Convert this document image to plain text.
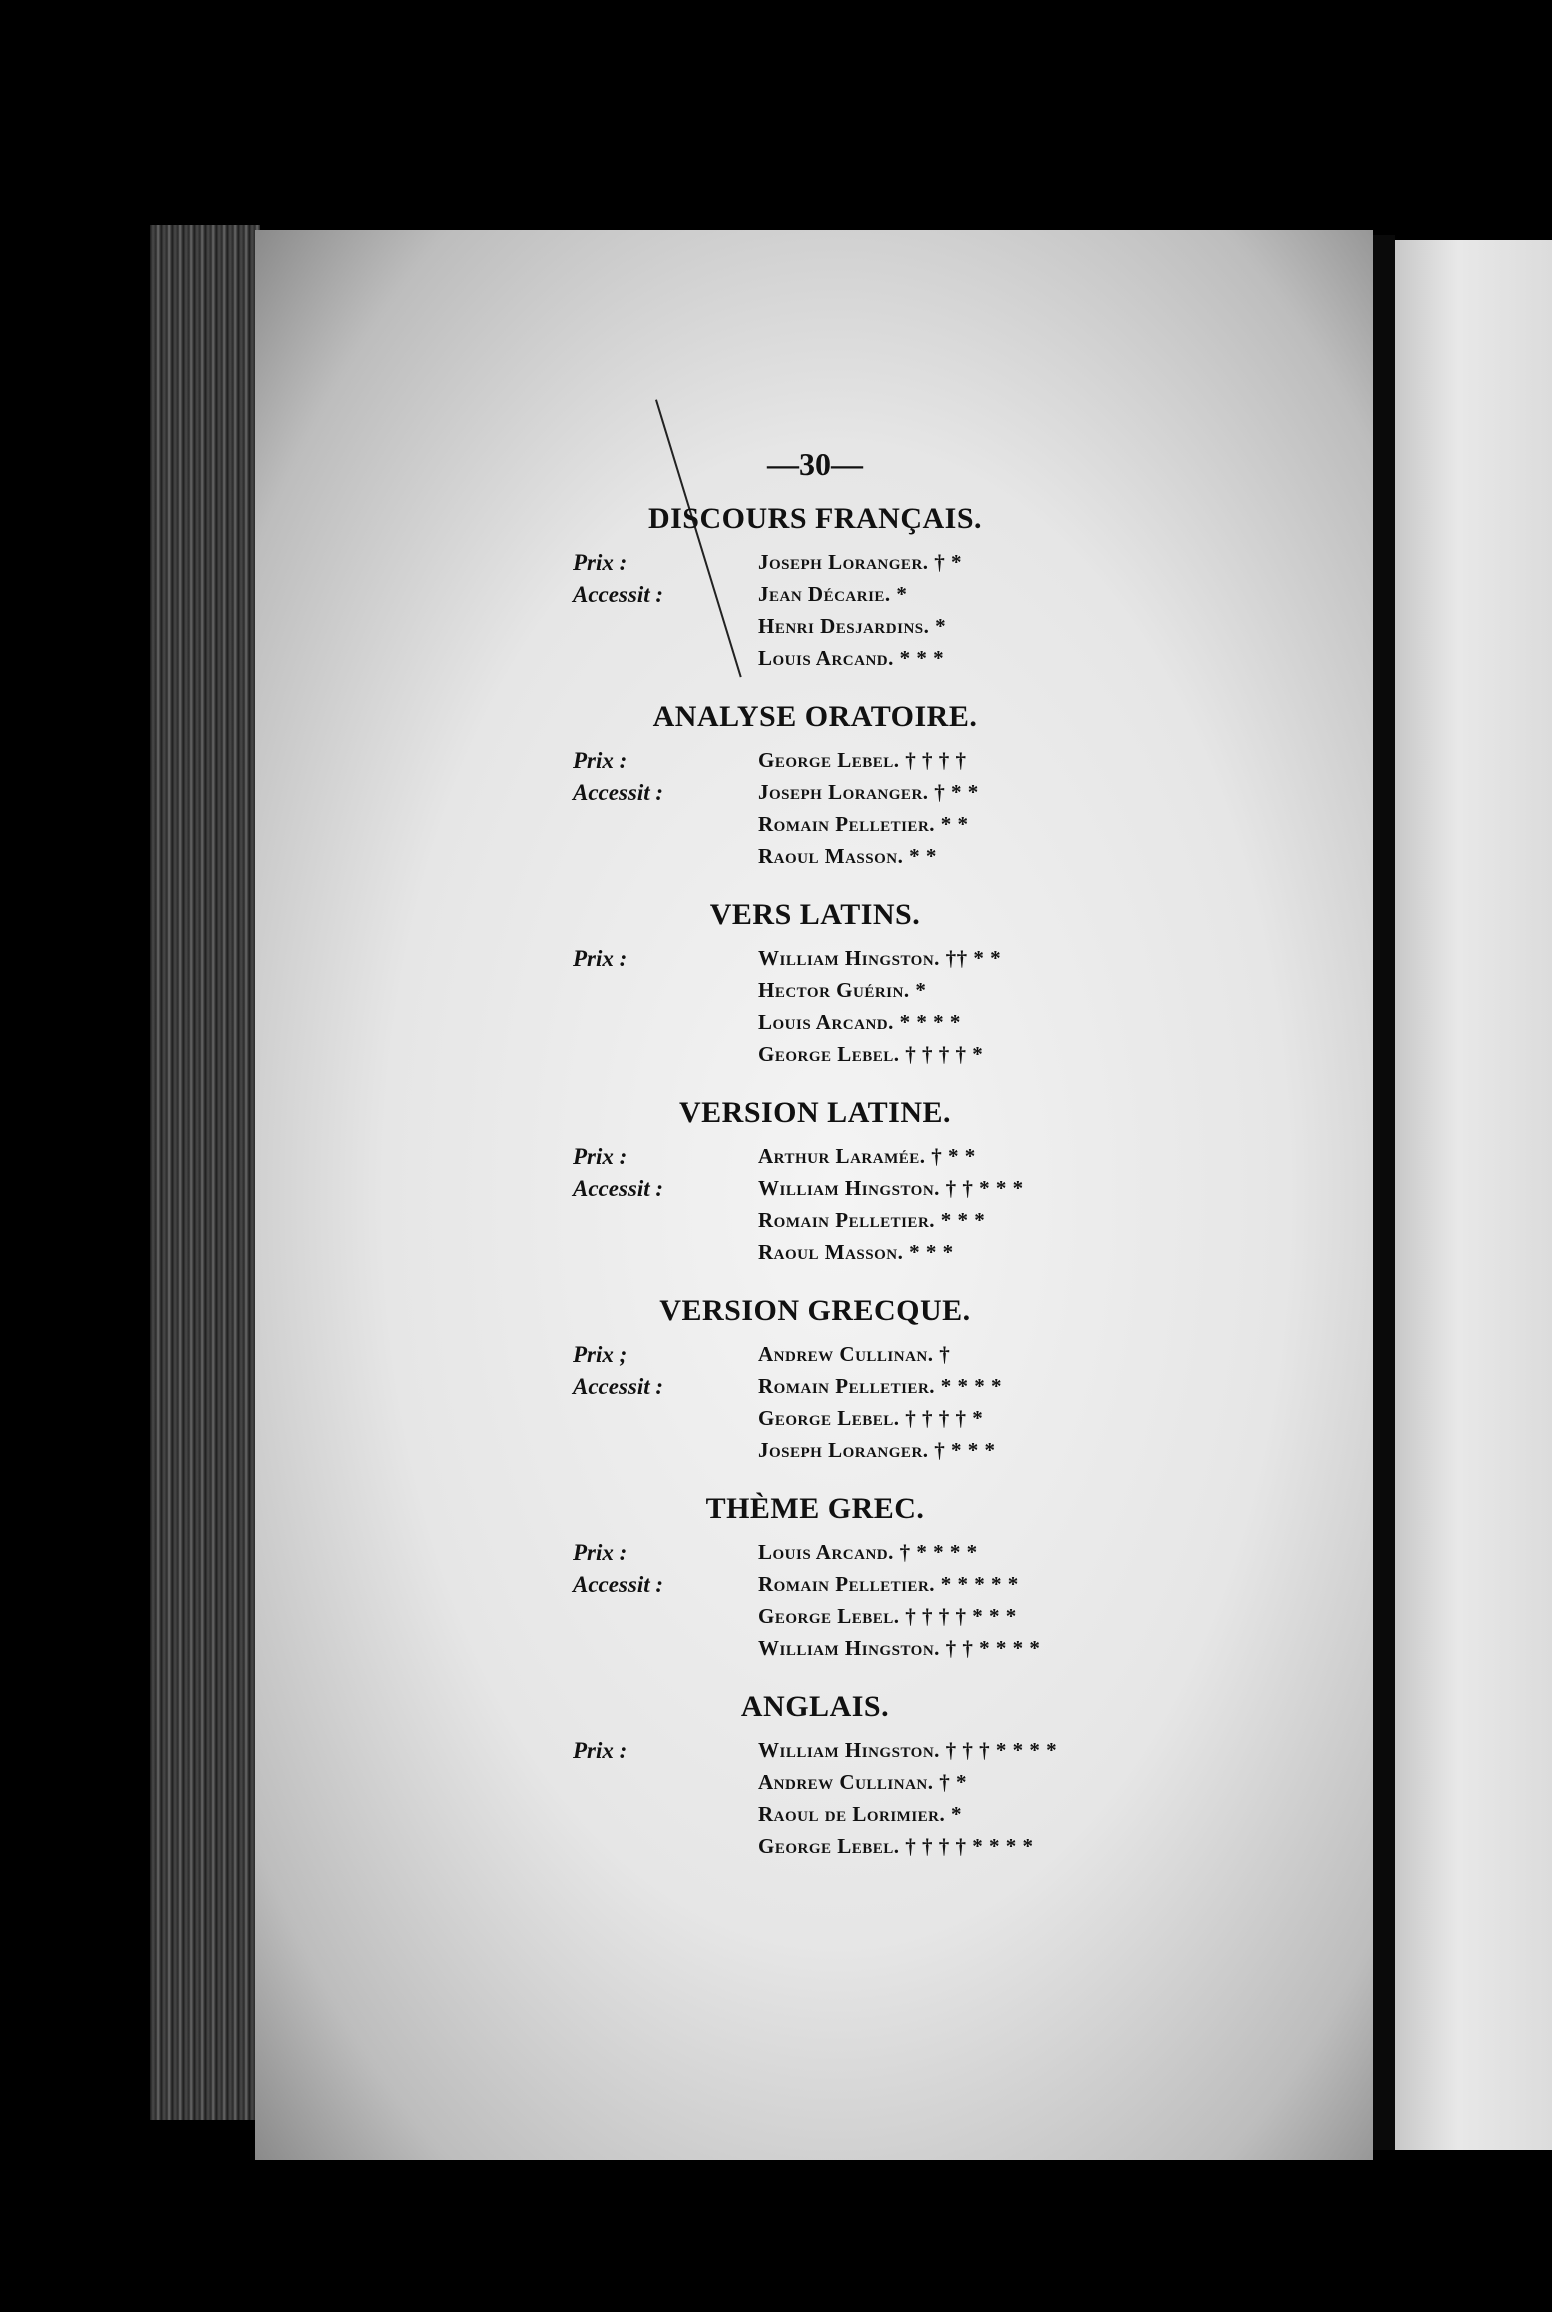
—30—
DISCOURS FRANÇAIS.
Prix :	Joseph Loranger. † *
Accessit :	Jean Décarie. *
Henri Desjardins. *
Louis Arcand. * * *
ANALYSE ORATOIRE.
Prix :	George Lebel. † † † †
Accessit :	Joseph Loranger. † * *
Romain Pelletier. * *
Raoul Masson. * *
VERS LATINS.
Prix :	William Hingston. †† * *
Hector Guérin. *
Louis Arcand. * * * *
George Lebel. † † † † *
VERSION LATINE.
Prix :	Arthur Laramée. † * *
Accessit :	William Hingston. † † * * *
Romain Pelletier. * * *
Raoul Masson. * * *
VERSION GRECQUE.
Prix ;	Andrew Cullinan. †
Accessit :	Romain Pelletier. * * * *
George Lebel. † † † † *
Joseph Loranger. † * * *
THÈME GREC.
Prix :	Louis Arcand. † * * * *
Accessit :	Romain Pelletier. * * * * *
George Lebel. † † † † * * *
William Hingston. † † * * * *
ANGLAIS.
Prix :	William Hingston. † † † * * * *
Andrew Cullinan. † *
Raoul de Lorimier. *
George Lebel. † † † † * * * *
